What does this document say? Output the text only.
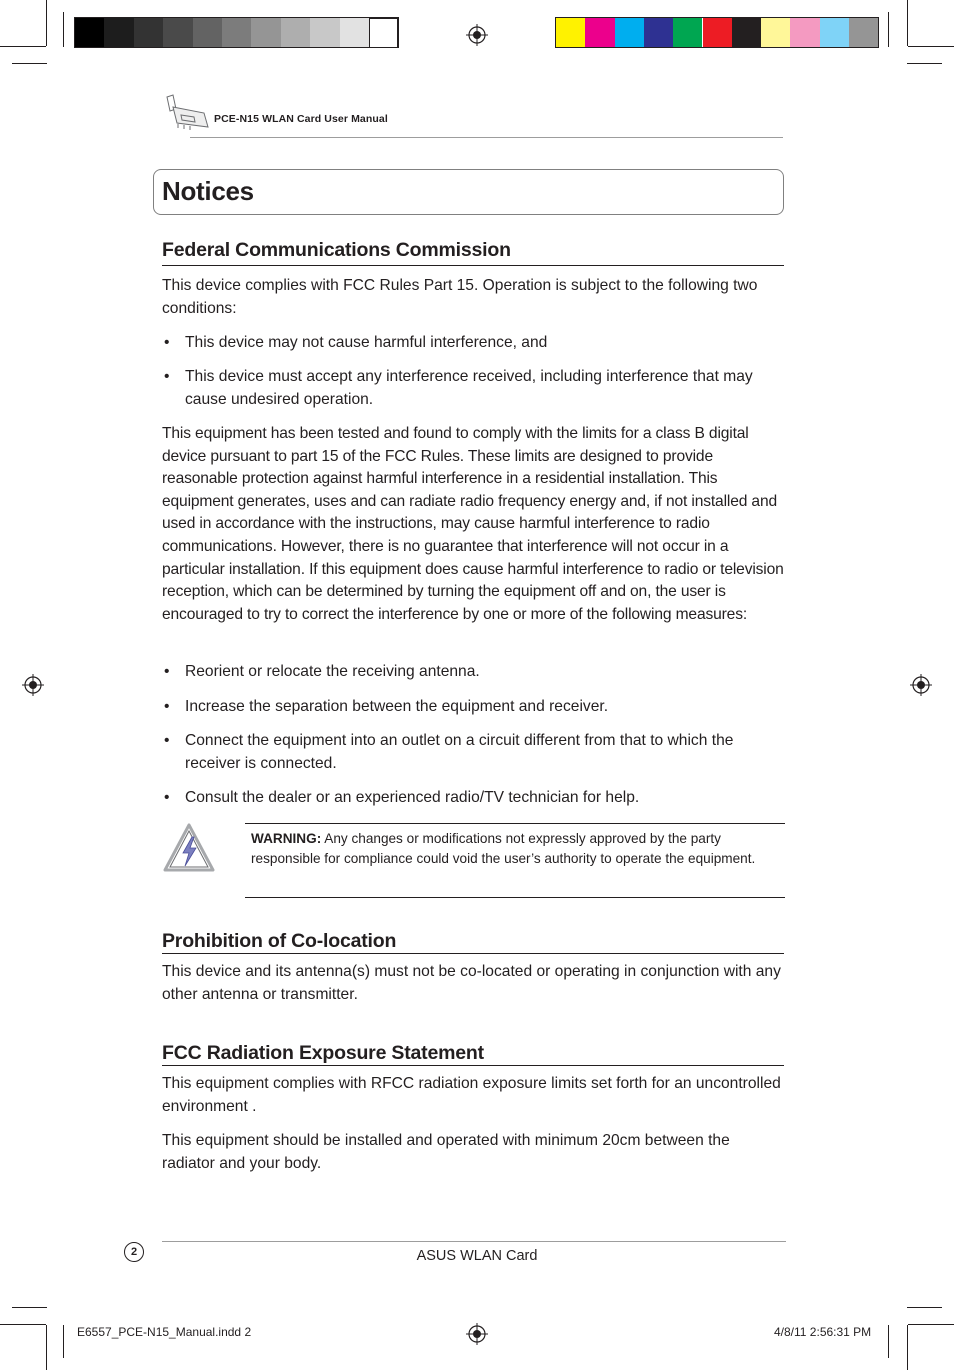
PCE-N15 WLAN Card User Manual
Notices
Federal Communications Commission
This device complies with FCC Rules Part 15. Operation is subject to the following two conditions:
• This device may not cause harmful interference, and
• This device must accept any interference received, including interference that may cause undesired operation.
This equipment has been tested and found to comply with the limits for a class B digital device pursuant to part 15 of the FCC Rules. These limits are designed to provide reasonable protection against harmful interference in a residential installation. This equipment generates, uses and can radiate radio frequency energy and, if not installed and used in accordance with the instructions, may cause harmful interference to radio communications. However, there is no guarantee that interference will not occur in a particular installation. If this equipment does cause harmful interference to radio or television reception, which can be determined by turning the equipment off and on, the user is encouraged to try to correct the interference by one or more of the following measures:
• Reorient or relocate the receiving antenna.
• Increase the separation between the equipment and receiver.
• Connect the equipment into an outlet on a circuit different from that to which the receiver is connected.
• Consult the dealer or an experienced radio/TV technician for help.
WARNING: Any changes or modifications not expressly approved by the party responsible for compliance could void the user’s authority to operate the equipment.
Prohibition of Co-location
This device and its antenna(s) must not be co-located or operating in conjunction with any other antenna or transmitter.
FCC Radiation Exposure Statement
This equipment complies with RFCC radiation exposure limits set forth for an uncontrolled environment .
This equipment should be installed and operated with minimum 20cm between the radiator and your body.
2	ASUS WLAN Card
E6557_PCE-N15_Manual.indd 2	4/8/11 2:56:31 PM
